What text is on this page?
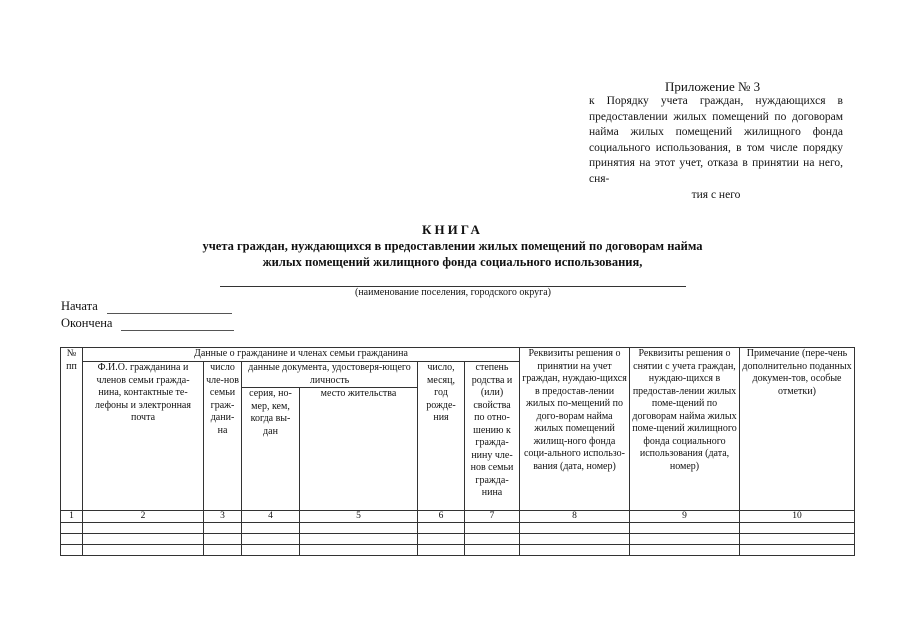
Приложение № 3
к Порядку учета граждан, нуждающихся в предоставлении жилых помещений по договорам найма жилых помещений жилищного фонда социального использования, в том числе порядку принятия на этот учет, отказа в принятии на него, сня-
тия с него
КНИГА
учета граждан, нуждающихся в предоставлении жилых помещений по договорам найма
жилых помещений жилищного фонда социального использования,
(наименование поселения, городского округа)
Начата
Окончена
№ пп	Данные о гражданине и членах семьи гражданина						Реквизиты решения о принятии на учет граждан, нуждаю-щихся в предостав-лении жилых по-мещений по дого-ворам найма жилых помещений жилищ-ного фонда соци-ального использо-вания (дата, номер)	Реквизиты решения о снятии с учета граждан, нуждаю-щихся в предостав-лении жилых поме-щений по договорам найма жилых поме-щений жилищного фонда социального использования (дата, номер)	Примечание (пере-чень дополнительно поданных докумен-тов, особые отметки)
	Ф.И.О. гражданина и членов семьи гражда-нина, контактные те-лефоны и электронная почта	число чле-нов семьи граж-дани-на	данные документа, удостоверя-ющего личность		число, месяц, год рожде-ния	степень родства и (или) свойства по отно-шению к гражда-нину чле-нов семьи гражда-нина			
			серия, но-мер, кем, когда вы-дан	место жительства					
1	2	3	4	5	6	7	8	9	10
